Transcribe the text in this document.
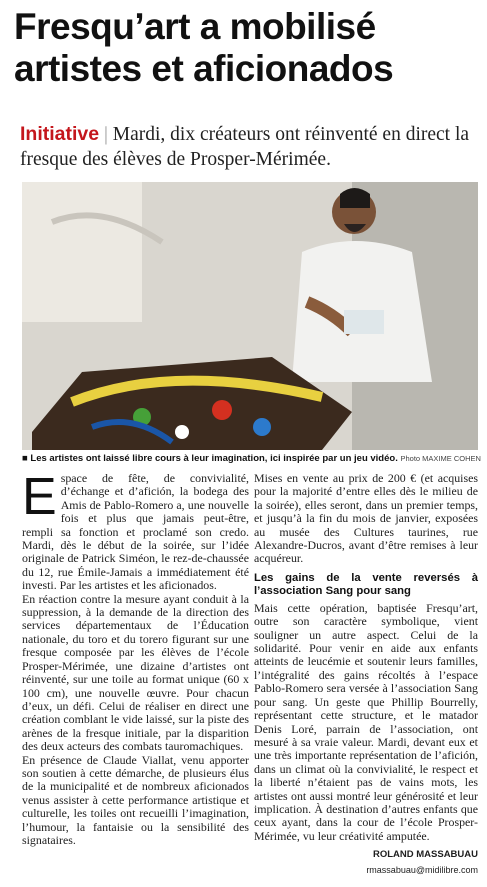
Fresqu’art a mobilisé
artistes et aficionados
Initiative | Mardi, dix créateurs ont réinventé en direct la fresque des élèves de Prosper-Mérimée.
■ Les artistes ont laissé libre cours à leur imagination, ici inspirée par un jeu vidéo. Photo MAXIME COHEN

Espace de fête, de convivialité, d’échange et d’afición, la bodega des Amis de Pablo-Romero a, une nouvelle fois et plus que jamais peut-être, rempli sa fonction et proclamé son credo. Mardi, dès le début de la soirée, sur l’idée originale de Patrick Siméon, le rez-de-chaussée du 12, rue Émile-Jamais a immédiatement été investi. Par les artistes et les aficionados.

En réaction contre la mesure ayant conduit à la suppression, à la demande de la direction des services départementaux de l’Éducation nationale, du toro et du torero figurant sur une fresque composée par les élèves de l’école Prosper-Mérimée, une dizaine d’artistes ont réinventé, sur une toile au format unique (60 x 100 cm), une nouvelle œuvre. Pour chacun d’eux, un défi. Celui de réaliser en direct une création comblant le vide laissé, sur la piste des arènes de la fresque initiale, par la disparition des deux acteurs des combats tauromachiques.

En présence de Claude Viallat, venu apporter son soutien à cette démarche, de plusieurs élus de la municipalité et de nombreux aficionados venus assister à cette performance artistique et culturelle, les toiles ont recueilli l’imagination, l’humour, la fantaisie ou la sensibilité des signataires.

Mises en vente au prix de 200 € (et acquises pour la majorité d’entre elles dès le milieu de la soirée), elles seront, dans un premier temps, et jusqu’à la fin du mois de janvier, exposées au musée des Cultures taurines, rue Alexandre-Ducros, avant d’être remises à leur acquéreur.

Les gains de la vente reversés à l’association Sang pour sang

Mais cette opération, baptisée Fresqu’art, outre son caractère symbolique, vient souligner un autre aspect. Celui de la solidarité. Pour venir en aide aux enfants atteints de leucémie et soutenir leurs familles, l’intégralité des gains récoltés à l’espace Pablo-Romero sera versée à l’association Sang pour sang. Un geste que Phillip Bourrelly, représentant cette structure, et le matador Denis Loré, parrain de l’association, ont mesuré à sa vraie valeur. Mardi, devant eux et une très importante représentation de l’afición, dans un climat où la convivialité, le respect et la liberté n’étaient pas de vains mots, les artistes ont aussi montré leur générosité et leur implication. À destination d’autres enfants que ceux ayant, dans la cour de l’école Prosper-Mérimée, vu leur créativité amputée.

ROLAND MASSABUAU
rmassabuau@midilibre.com
